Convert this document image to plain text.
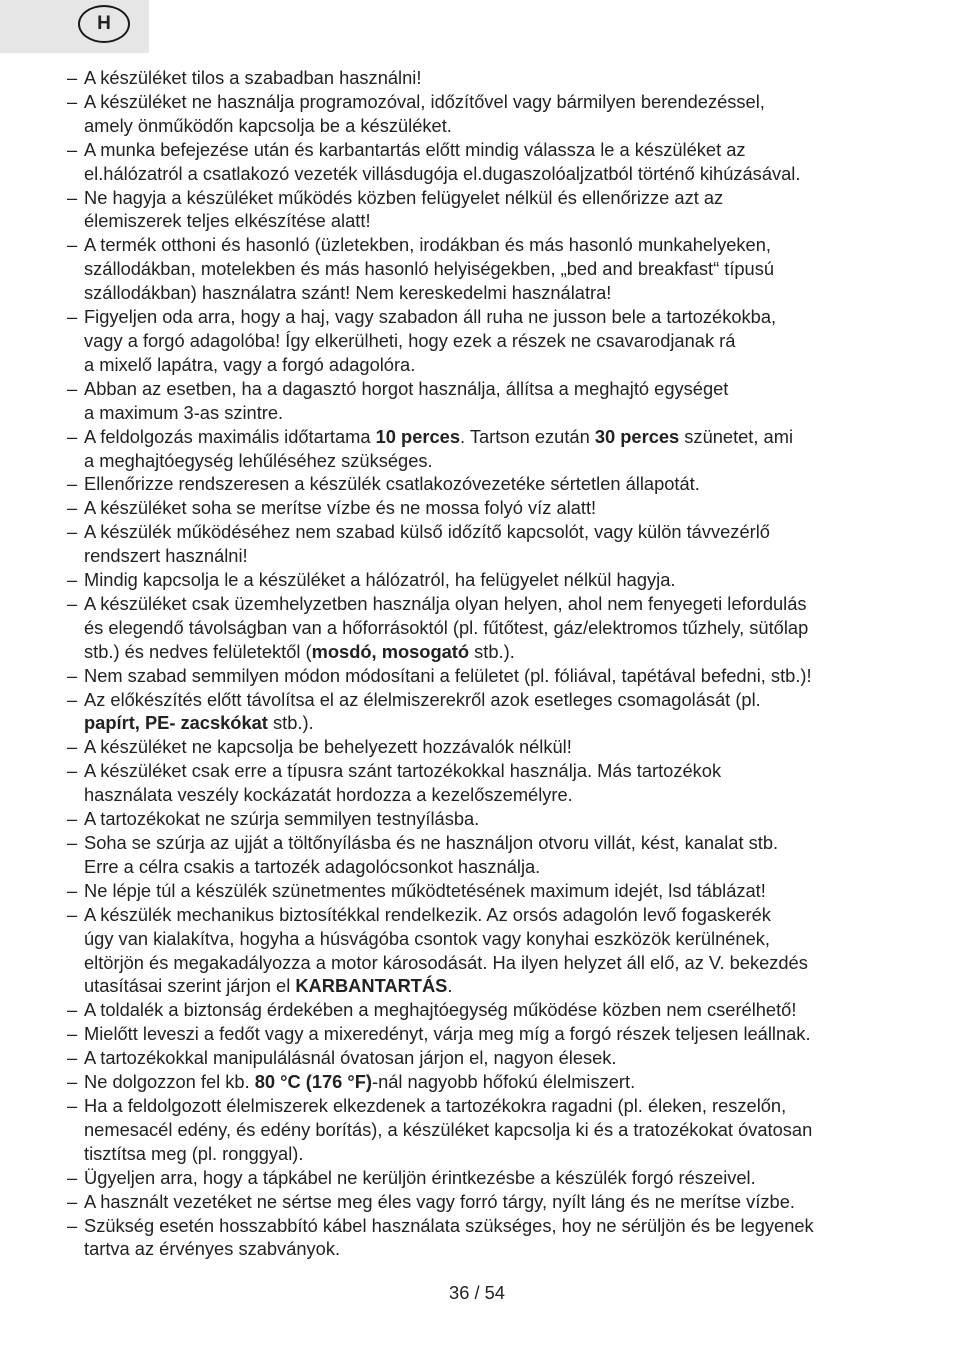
H
– A készüléket tilos a szabadban használni!
– A készüléket ne használja programozóval, időzítővel vagy bármilyen berendezéssel,
amely önműködőn kapcsolja be a készüléket.
– A munka befejezése után és karbantartás előtt mindig válassza le a készüléket az
el.hálózatról a csatlakozó vezeték villásdugója el.dugaszolóaljzatból történő kihúzásával.
– Ne hagyja a készüléket működés közben felügyelet nélkül és ellenőrizze azt az
élemiszerek teljes elkészítése alatt!
– A termék otthoni és hasonló (üzletekben, irodákban és más hasonló munkahelyeken,
szállodákban, motelekben és más hasonló helyiségekben, „bed and breakfast“ típusú
szállodákban) használatra szánt! Nem kereskedelmi használatra!
– Figyeljen oda arra, hogy a haj, vagy szabadon áll ruha ne jusson bele a tartozékokba,
vagy a forgó adagolóba! Így elkerülheti, hogy ezek a részek ne csavarodjanak rá
a mixelő lapátra, vagy a forgó adagolóra.
– Abban az esetben, ha a dagasztó horgot használja, állítsa a meghajtó egységet
a maximum 3-as szintre.
– A feldolgozás maximális időtartama 10 perces. Tartson ezután 30 perces szünetet, ami
a meghajtóegység lehűléséhez szükséges.
– Ellenőrizze rendszeresen a készülék csatlakozóvezetéke sértetlen állapotát.
– A készüléket soha se merítse vízbe és ne mossa folyó víz alatt!
– A készülék működéséhez nem szabad külső időzítő kapcsolót, vagy külön távvezérlő
rendszert használni!
– Mindig kapcsolja le a készüléket a hálózatról, ha felügyelet nélkül hagyja.
– A készüléket csak üzemhelyzetben használja olyan helyen, ahol nem fenyegeti lefordulás
és elegendő távolságban van a hőforrásoktól (pl. fűtőtest, gáz/elektromos tűzhely, sütőlap
stb.) és nedves felületektől (mosdó, mosogató stb.).
– Nem szabad semmilyen módon módosítani a felületet (pl. fóliával, tapétával befedni, stb.)!
– Az előkészítés előtt távolítsa el az élelmiszerekről azok esetleges csomagolását (pl.
papírt, PE- zacskókat stb.).
– A készüléket ne kapcsolja be behelyezett hozzávalók nélkül!
– A készüléket csak erre a típusra szánt tartozékokkal használja. Más tartozékok
használata veszély kockázatát hordozza a kezelőszemélyre.
– A tartozékokat ne szúrja semmilyen testnyílásba.
– Soha se szúrja az ujját a töltőnyílásba és ne használjon otvoru villát, kést, kanalat stb.
Erre a célra csakis a tartozék adagolócsonkot használja.
– Ne lépje túl a készülék szünetmentes működtetésének maximum idejét, lsd táblázat!
– A készülék mechanikus biztosítékkal rendelkezik. Az orsós adagolón levő fogaskerék
úgy van kialakítva, hogyha a húsvágóba csontok vagy konyhai eszközök kerülnének,
eltörjön és megakadályozza a motor károsodását. Ha ilyen helyzet áll elő, az V. bekezdés
utasításai szerint járjon el KARBANTARTÁS.
– A toldalék a biztonság érdekében a meghajtóegység működése közben nem cserélhető!
– Mielőtt leveszi a fedőt vagy a mixeredényt, várja meg míg a forgó részek teljesen leállnak.
– A tartozékokkal manipulálásnál óvatosan járjon el, nagyon élesek.
– Ne dolgozzon fel kb. 80 °C (176 °F)-nál nagyobb hőfokú élelmiszert.
– Ha a feldolgozott élelmiszerek elkezdenek a tartozékokra ragadni (pl. éleken, reszelőn,
nemesacél edény, és edény borítás), a készüléket kapcsolja ki és a tratozékokat óvatosan
tisztítsa meg (pl. ronggyal).
– Ügyeljen arra, hogy a tápkábel ne kerüljön érintkezésbe a készülék forgó részeivel.
– A használt vezetéket ne sértse meg éles vagy forró tárgy, nyílt láng és ne merítse vízbe.
– Szükség esetén hosszabbító kábel használata szükséges, hoy ne sérüljön és be legyenek
tartva az érvényes szabványok.
36 / 54
